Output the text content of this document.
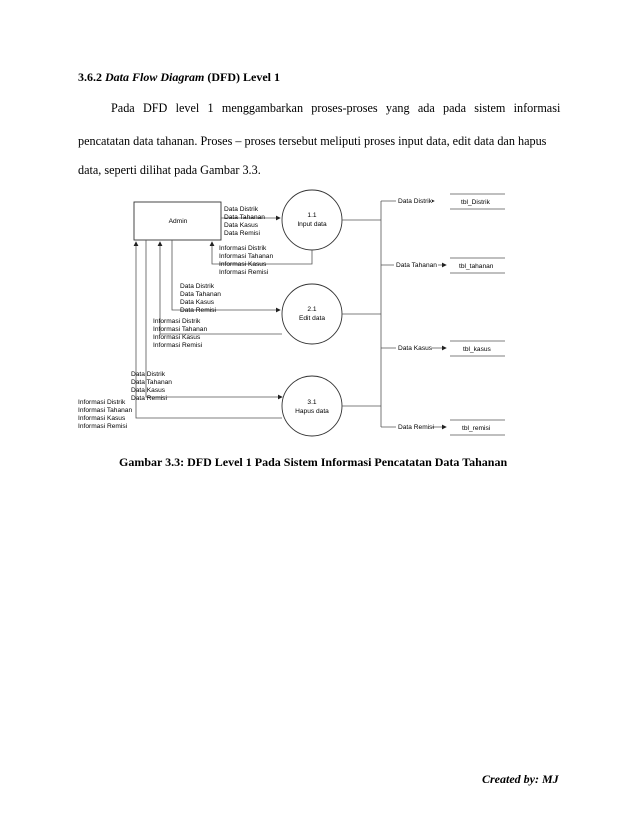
3.6.2 Data Flow Diagram (DFD) Level 1
Pada DFD level 1 menggambarkan proses-proses yang ada pada sistem informasi
pencatatan data tahanan. Proses – proses tersebut meliputi proses input data, edit data dan hapus
data, seperti dilihat pada Gambar 3.3.
Admin
1.1
Input data
2.1
Edit data
3.1
Hapus data
Data Distrik
Data Tahanan
Data Kasus
Data Remisi
Informasi Distrik
Informasi Tahanan
Informasi Kasus
Informasi Remisi
Data Distrik
Data Tahanan
Data Kasus
Data Remisi
Informasi Distrik
Informasi Tahanan
Informasi Kasus
Informasi Remisi
Data Distrik
Data Tahanan
Data Kasus
Data Remisi
Informasi Distrik
Informasi Tahanan
Informasi Kasus
Informasi Remisi
Data Distrik	tbl_Distrik
Data Tahanan	tbl_tahanan
Data Kasus	tbl_kasus
Data Remisi	tbl_remisi
Gambar 3.3: DFD Level 1 Pada Sistem Informasi Pencatatan Data Tahanan
Created by: MJ
